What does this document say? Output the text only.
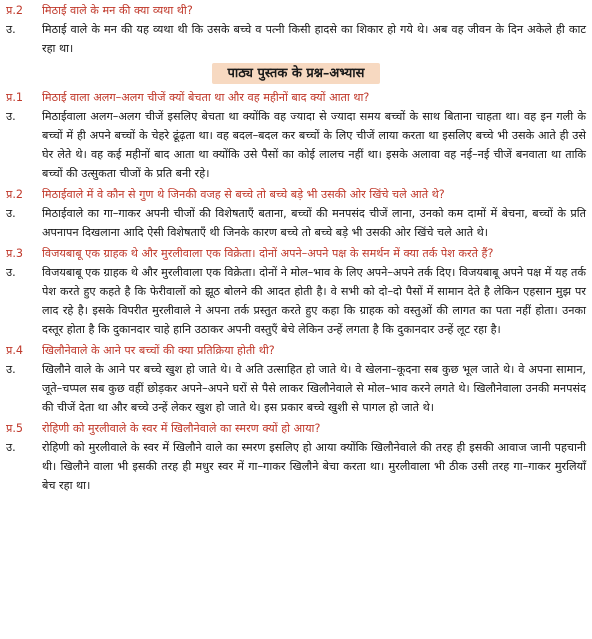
प्र.2	मिठाई वाले के मन की क्या व्यथा थी?
उ.	मिठाई वाले के मन की यह व्यथा थी कि उसके बच्चे व पत्नी किसी हादसे का शिकार हो गये थे। अब वह जीवन के दिन अकेले ही काट रहा था।
पाठ्य पुस्तक के प्रश्न–अभ्यास
प्र.1	मिठाई वाला अलग–अलग चीजें क्यों बेचता था और वह महीनों बाद क्यों आता था?
उ.	मिठाईवाला अलग–अलग चीजें इसलिए बेचता था क्योंकि वह ज्यादा से ज्यादा समय बच्चों के साथ बिताना चाहता था। वह इन गली के बच्चों में ही अपने बच्चों के चेहरे ढूंढ़ता था। वह बदल–बदल कर बच्चों के लिए चीजें लाया करता था इसलिए बच्चे भी उसके आते ही उसे घेर लेते थे। वह कई महीनों बाद आता था क्योंकि उसे पैसों का कोई लालच नहीं था। इसके अलावा वह नई–नई चीजें बनवाता था ताकि बच्चों की उत्सुकता चीजों के प्रति बनी रहे।
प्र.2	मिठाईवाले में वे कौन से गुण थे जिनकी वजह से बच्चे तो बच्चे बड़े भी उसकी ओर खिंचे चले आते थे?
उ.	मिठाईवाले का गा–गाकर अपनी चीजों की विशेषताएँ बताना, बच्चों की मनपसंद चीजें लाना, उनको कम दामों में बेचना, बच्चों के प्रति अपनापन दिखलाना आदि ऐसी विशेषताएँ थी जिनके कारण बच्चे तो बच्चे बड़े भी उसकी ओर खिंचे चले आते थे।
प्र.3	विजयबाबू एक ग्राहक थे और मुरलीवाला एक विक्रेता। दोनों अपने–अपने पक्ष के समर्थन में क्या तर्क पेश करते हैं?
उ.	विजयबाबू एक ग्राहक थे और मुरलीवाला एक विक्रेता। दोनों ने मोल–भाव के लिए अपने–अपने तर्क दिए। विजयबाबू अपने पक्ष में यह तर्क पेश करते हुए कहते है कि फेरीवालों को झूठ बोलने की आदत होती है। वे सभी को दो–दो पैसों में सामान देते है लेकिन एहसान मुझ पर लाद रहे है। इसके विपरीत मुरलीवाले ने अपना तर्क प्रस्तुत करते हुए कहा कि ग्राहक को वस्तुओं की लागत का पता नहीं होता। उनका दस्तूर होता है कि दुकानदार चाहे हानि उठाकर अपनी वस्तुएँ बेचे लेकिन उन्हें लगता है कि दुकानदार उन्हें लूट रहा है।
प्र.4	खिलौनेवाले के आने पर बच्चों की क्या प्रतिक्रिया होती थी?
उ.	खिलौने वाले के आने पर बच्चे खुश हो जाते थे। वे अति उत्साहित हो जाते थे। वे खेलना–कूदना सब कुछ भूल जाते थे। वे अपना सामान, जूते–चप्पल सब कुछ वहीं छोड़कर अपने–अपने घरों से पैसे लाकर खिलौनेवाले से मोल–भाव करने लगते थे। खिलौनेवाला उनकी मनपसंद की चीजें देता था और बच्चे उन्हें लेकर खुश हो जाते थे। इस प्रकार बच्चे खुशी से पागल हो जाते थे।
प्र.5	रोहिणी को मुरलीवाले के स्वर में खिलौनेवाले का स्मरण क्यों हो आया?
उ.	रोहिणी को मुरलीवाले के स्वर में खिलौने वाले का स्मरण इसलिए हो आया क्योंकि खिलौनेवाले की तरह ही इसकी आवाज जानी पहचानी थी। खिलौने वाला भी इसकी तरह ही मधुर स्वर में गा–गाकर खिलौने बेचा करता था। मुरलीवाला भी ठीक उसी तरह गा–गाकर मुरलियाँ बेच रहा था।
